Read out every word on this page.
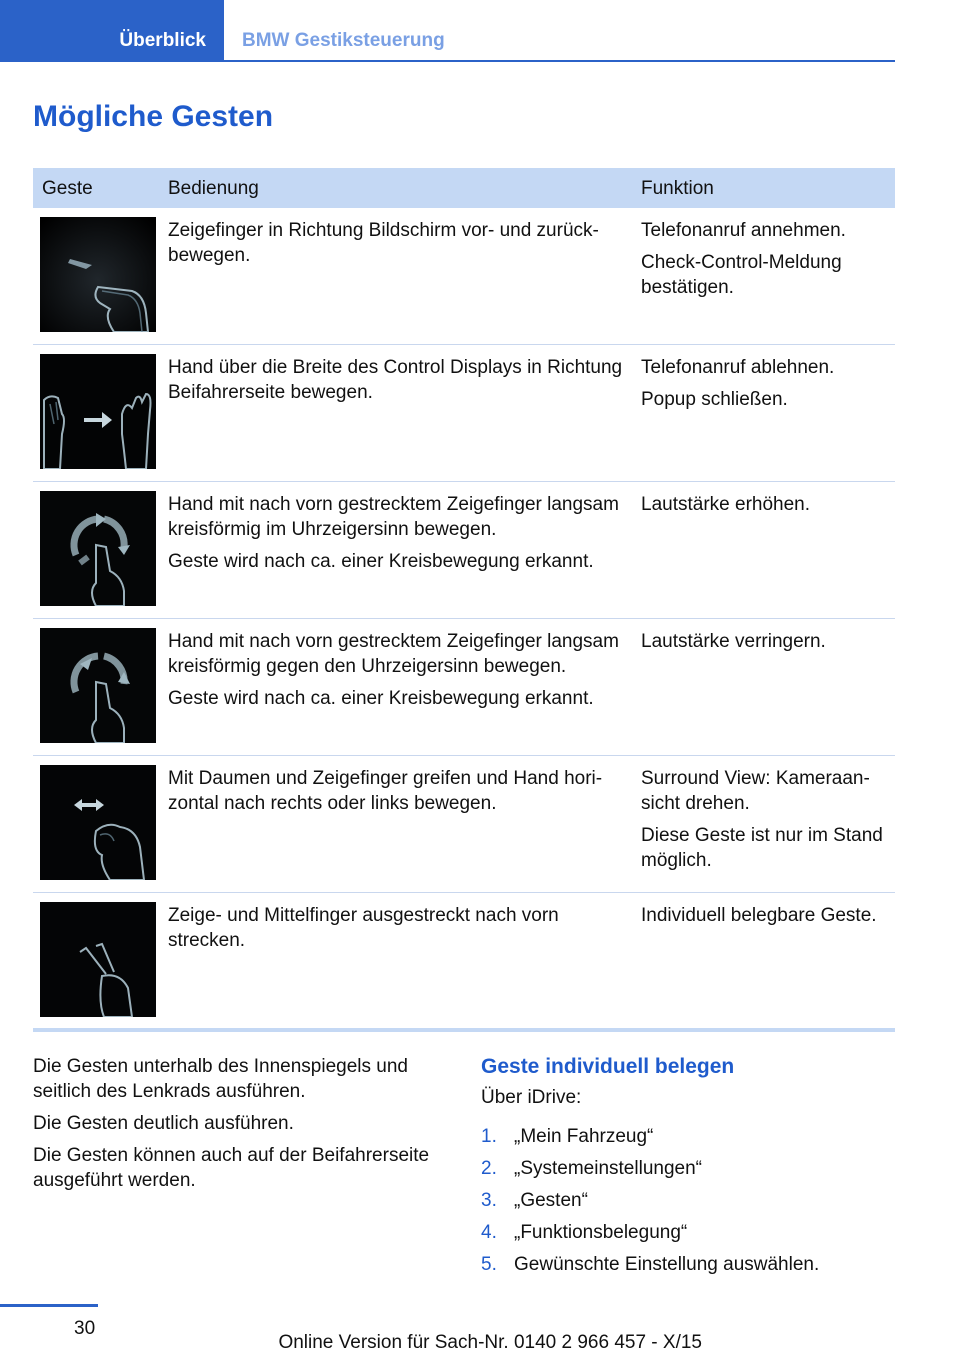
Überblick BMW Gestiksteuerung
Mögliche Gesten
Geste	Bedienung	Funktion

Zeigefinger in Richtung Bildschirm vor- und zurückbewegen.

Telefonanruf annehmen.

Check-Control-Meldung bestätigen.

Hand über die Breite des Control Displays in Richtung Beifahrerseite bewegen.

Telefonanruf ablehnen.

Popup schließen.

Hand mit nach vorn gestrecktem Zeigefinger langsam kreisförmig im Uhrzeigersinn bewegen.

Geste wird nach ca. einer Kreisbewegung erkannt.

Lautstärke erhöhen.

Hand mit nach vorn gestrecktem Zeigefinger langsam kreisförmig gegen den Uhrzeigersinn bewegen.

Geste wird nach ca. einer Kreisbewegung erkannt.

Lautstärke verringern.

Mit Daumen und Zeigefinger greifen und Hand horizontal nach rechts oder links bewegen.

Surround View: Kameraansicht drehen.

Diese Geste ist nur im Stand möglich.

Zeige- und Mittelfinger ausgestreckt nach vorn strecken.

Individuell belegbare Geste.

Die Gesten unterhalb des Innenspiegels und seitlich des Lenkrads ausführen.

Die Gesten deutlich ausführen.

Die Gesten können auch auf der Beifahrerseite ausgeführt werden.

Geste individuell belegen

Über iDrive:

1. „Mein Fahrzeug“
2. „Systemeinstellungen“
3. „Gesten“
4. „Funktionsbelegung“
5. Gewünschte Einstellung auswählen.
30
Online Version für Sach-Nr. 0140 2 966 457 - X/15
